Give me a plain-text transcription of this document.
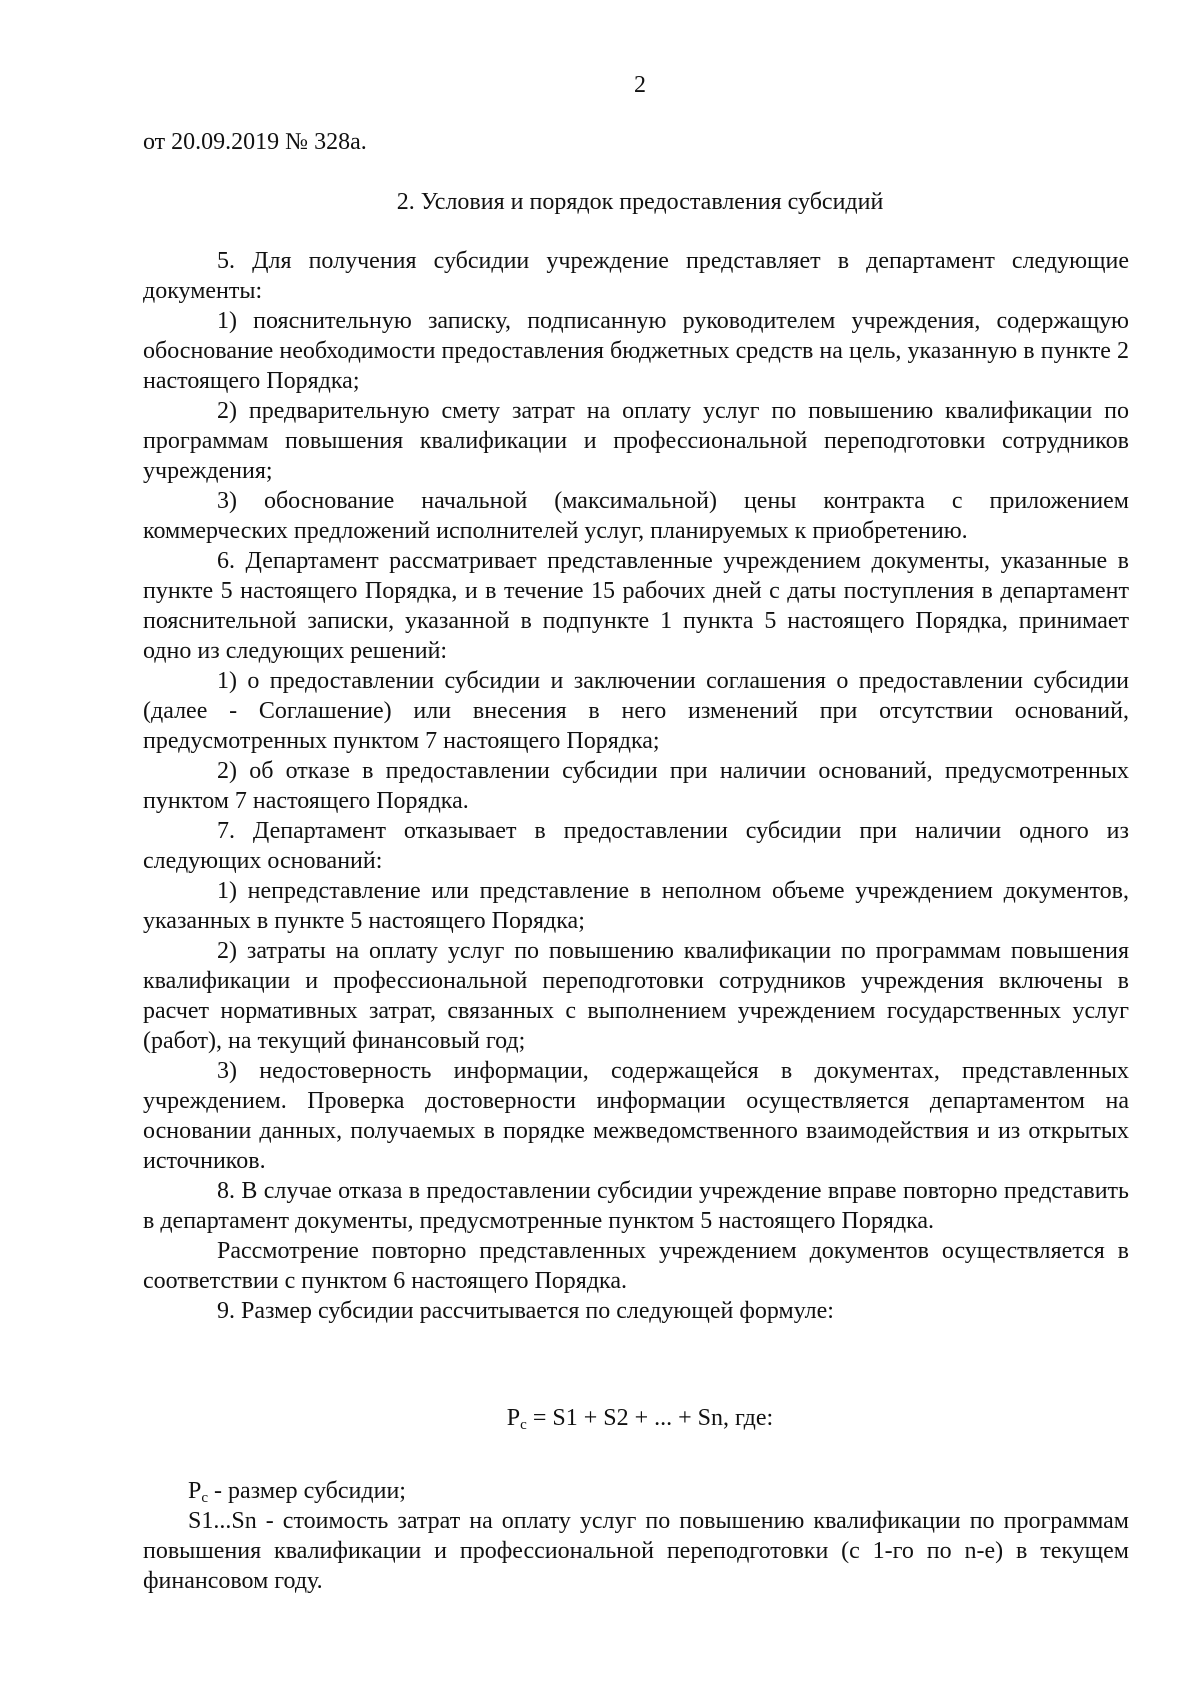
2
от 20.09.2019 № 328а.
2. Условия и порядок предоставления субсидий

5. Для получения субсидии учреждение представляет в департамент следующие документы:

1) пояснительную записку, подписанную руководителем учреждения, содержащую обоснование необходимости предоставления бюджетных средств на цель, указанную в пункте 2 настоящего Порядка;

2) предварительную смету затрат на оплату услуг по повышению квалификации по программам повышения квалификации и профессиональной переподготовки сотрудников учреждения;

3) обоснование начальной (максимальной) цены контракта с приложением коммерческих предложений исполнителей услуг, планируемых к приобретению.

6. Департамент рассматривает представленные учреждением документы, указанные в пункте 5 настоящего Порядка, и в течение 15 рабочих дней с даты поступления в департамент пояснительной записки, указанной в подпункте 1 пункта 5 настоящего Порядка, принимает одно из следующих решений:

1) о предоставлении субсидии и заключении соглашения о предоставлении субсидии (далее - Соглашение) или внесения в него изменений при отсутствии оснований, предусмотренных пунктом 7 настоящего Порядка;

2) об отказе в предоставлении субсидии при наличии оснований, предусмотренных пунктом 7 настоящего Порядка.

7. Департамент отказывает в предоставлении субсидии при наличии одного из следующих оснований:

1) непредставление или представление в неполном объеме учреждением документов, указанных в пункте 5 настоящего Порядка;

2) затраты на оплату услуг по повышению квалификации по программам повышения квалификации и профессиональной переподготовки сотрудников учреждения включены в расчет нормативных затрат, связанных с выполнением учреждением государственных услуг (работ), на текущий финансовый год;

3) недостоверность информации, содержащейся в документах, представленных учреждением. Проверка достоверности информации осуществляется департаментом на основании данных, получаемых в порядке межведомственного взаимодействия и из открытых источников.

8. В случае отказа в предоставлении субсидии учреждение вправе повторно представить в департамент документы, предусмотренные пунктом 5 настоящего Порядка.

Рассмотрение повторно представленных учреждением документов осуществляется в соответствии с пунктом 6 настоящего Порядка.

9. Размер субсидии рассчитывается по следующей формуле:

$P_c = S1 + S2$ + ... + Sn, где:

$P_c$ - размер субсидии;

S1...Sn - стоимость затрат на оплату услуг по повышению квалификации по программам повышения квалификации и профессиональной переподготовки (с 1-го по n-е) в текущем финансовом году.
